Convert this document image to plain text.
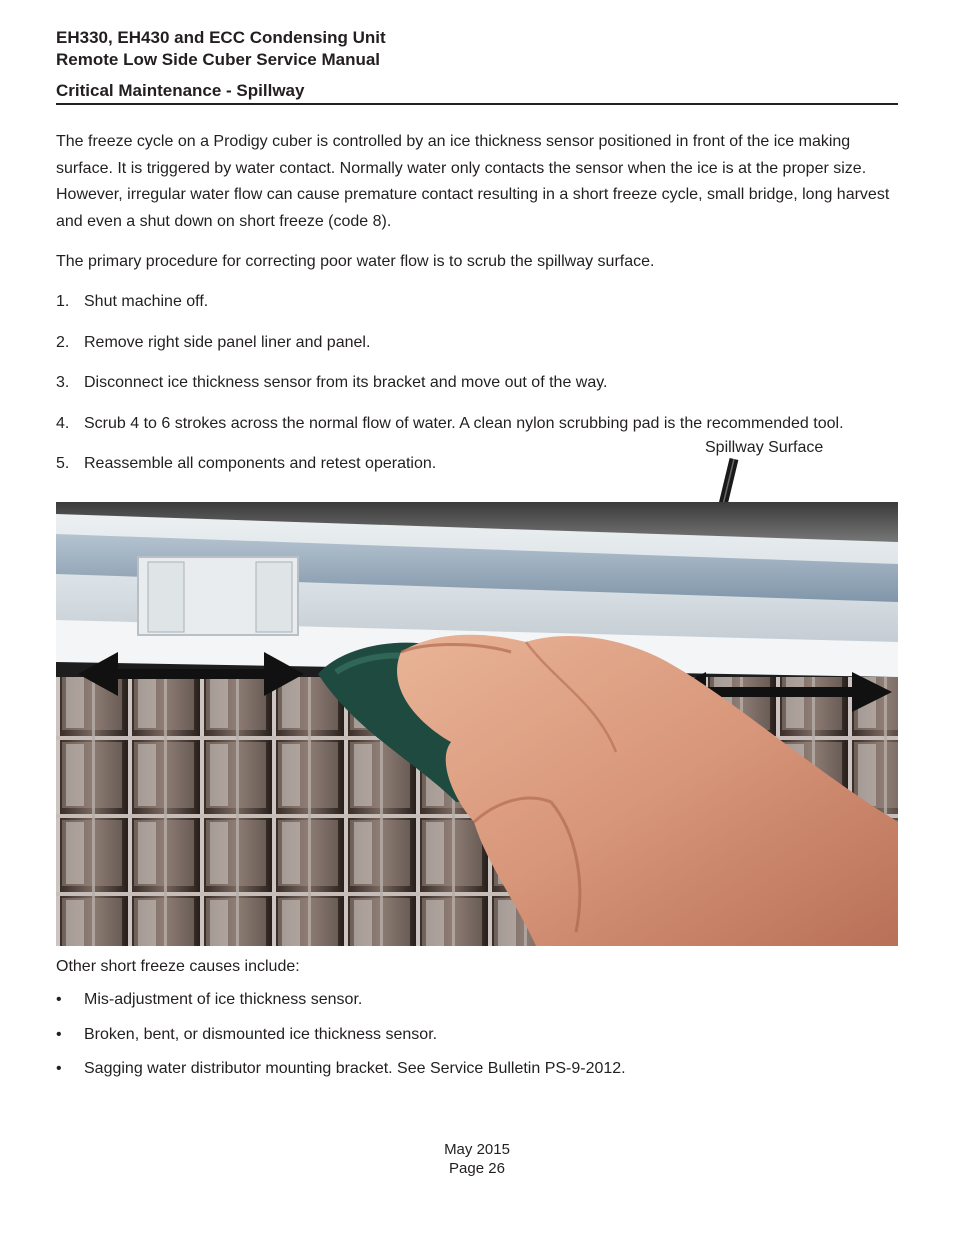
EH330, EH430 and ECC Condensing Unit
Remote Low Side Cuber Service Manual
Critical Maintenance - Spillway
The freeze cycle on a Prodigy cuber is controlled by an ice thickness sensor positioned in front of the ice making surface. It is triggered by water contact. Normally water only contacts the sensor when the ice is at the proper size. However, irregular water flow can cause premature contact resulting in a short freeze cycle, small bridge, long harvest and even a shut down on short freeze (code 8).
The primary procedure for correcting poor water flow is to scrub the spillway surface.
1. Shut machine off.
2. Remove right side panel liner and panel.
3. Disconnect ice thickness sensor from its bracket and move out of the way.
4. Scrub 4 to 6 strokes across the normal flow of water. A clean nylon scrubbing pad is the recommended tool.
5. Reassemble all components and retest operation.
Spillway Surface
Other short freeze causes include:
• Mis-adjustment of ice thickness sensor.
• Broken, bent, or dismounted ice thickness sensor.
• Sagging water distributor mounting bracket. See Service Bulletin PS-9-2012.
May 2015
Page 26
